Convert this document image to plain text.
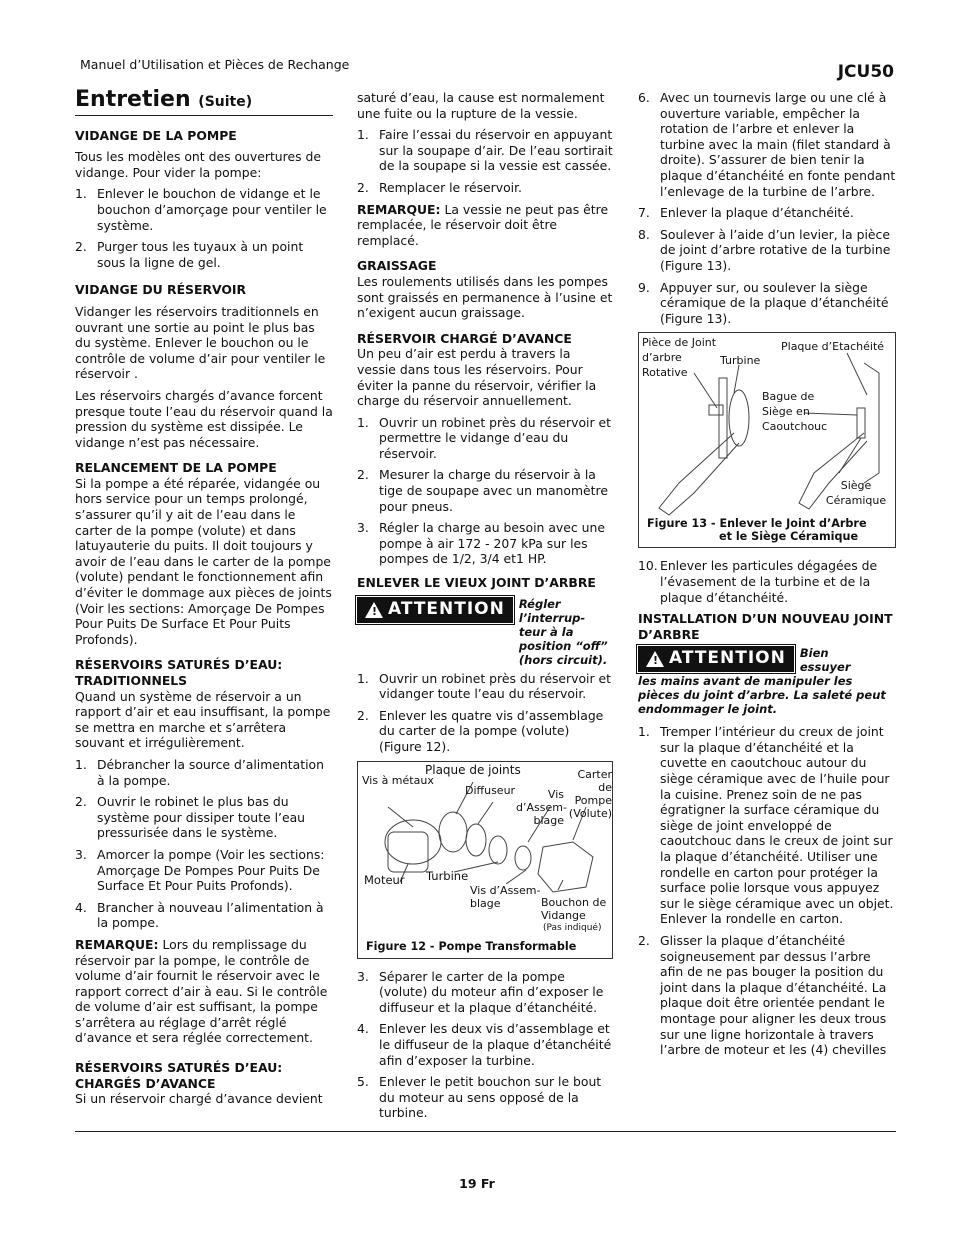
Manuel d’Utilisation et Pièces de Rechange	JCU50
Entretien (Suite)
VIDANGE DE LA POMPE

Tous les modèles ont des ouvertures de vidange. Pour vider la pompe:

1. Enlever le bouchon de vidange et le bouchon d’amorçage pour ventiler le système.
2. Purger tous les tuyaux à un point sous la ligne de gel.
VIDANGE DU RÉSERVOIR

Vidanger les réservoirs traditionnels en ouvrant une sortie au point le plus bas du système. Enlever le bouchon ou le contrôle de volume d’air pour ventiler le réservoir .

Les réservoirs chargés d’avance forcent presque toute l’eau du réservoir quand la pression du système est dissipée. Le vidange n’est pas nécessaire.

RELANCEMENT DE LA POMPE

Si la pompe a été réparée, vidangée ou hors service pour un temps prolongé, s’assurer qu’il y ait de l’eau dans le carter de la pompe (volute) et dans latuyauterie du puits. Il doit toujours y avoir de l’eau dans le carter de la pompe (volute) pendant le fonctionnement afin d’éviter le dommage aux pièces de joints (Voir les sections: Amorçage De Pompes Pour Puits De Surface Et Pour Puits Profonds).

RÉSERVOIRS SATURÉS D’EAU: TRADITIONNELS

Quand un système de réservoir a un rapport d’air et eau insuffisant, la pompe se mettra en marche et s’arrêtera souvant et irrégulièrement.

1. Débrancher la source d’alimentation à la pompe.
2. Ouvrir le robinet le plus bas du système pour dissiper toute l’eau pressurisée dans le système.
3. Amorcer la pompe (Voir les sections: Amorçage De Pompes Pour Puits De Surface Et Pour Puits Profonds).
4. Brancher à nouveau l’alimentation à la pompe.

REMARQUE: Lors du remplissage du réservoir par la pompe, le contrôle de volume d’air fournit le réservoir avec le rapport correct d’air à eau. Si le contrôle de volume d’air est suffisant, la pompe s’arrêtera au réglage d’arrêt réglé d’avance et sera réglée correctement.

RÉSERVOIRS SATURÉS D’EAU: CHARGÉS D’AVANCE

Si un réservoir chargé d’avance devient

saturé d’eau, la cause est normalement une fuite ou la rupture de la vessie.

1. Faire l’essai du réservoir en appuyant sur la soupape d’air. De l’eau sortirait de la soupape si la vessie est cassée.
2. Remplacer le réservoir.

REMARQUE: La vessie ne peut pas être remplacée, le réservoir doit être remplacé.

GRAISSAGE

Les roulements utilisés dans les pompes sont graissés en permanence à l’usine et n’exigent aucun graissage.

RÉSERVOIR CHARGÉ D’AVANCE

Un peu d’air est perdu à travers la vessie dans tous les réservoirs. Pour éviter la panne du réservoir, vérifier la charge du réservoir annuellement.

1. Ouvrir un robinet près du réservoir et permettre le vidange d’eau du réservoir.
2. Mesurer la charge du réservoir à la tige de soupape avec un manomètre pour pneus.
3. Régler la charge au besoin avec une pompe à air 172 - 207 kPa sur les pompes de 1/2, 3/4 et1 HP.
ENLEVER LE VIEUX JOINT D’ARBRE
!
ATTENTION Régler l’interrup- teur à la position “off” (hors circuit).
1. Ouvrir un robinet près du réservoir et vidanger toute l’eau du réservoir.
2. Enlever les quatre vis d’assemblage du carter de la pompe (volute) (Figure 12).
Vis à métaux
Plaque de joints
Diffuseur	Vis d’Assem- blage
Carter de Pompe (Volute)
Moteur Turbine
Vis d’Assem- blage	Bouchon de Vidange
(Pas indiqué)
Figure 12 - Pompe Transformable
3. Séparer le carter de la pompe (volute) du moteur afin d’exposer le diffuseur et la plaque d’étanchéité.
4. Enlever les deux vis d’assemblage et le diffuseur de la plaque d’étanchéité afin d’exposer la turbine.
5. Enlever le petit bouchon sur le bout du moteur au sens opposé de la turbine.
6. Avec un tournevis large ou une clé à ouverture variable, empêcher la rotation de l’arbre et enlever la turbine avec la main (filet standard à droite). S’assurer de bien tenir la plaque d’étanchéité en fonte pendant l’enlevage de la turbine de l’arbre.
7. Enlever la plaque d’étanchéité.
8. Soulever à l’aide d’un levier, la pièce de joint d’arbre rotative de la turbine (Figure 13).
9. Appuyer sur, ou soulever la siège céramique de la plaque d’étanchéité (Figure 13).
Pièce de Joint d’arbre Rotative
Turbine
Plaque d’Etachéité
Bague de Siège en Caoutchouc
Siège Céramique
Figure 13 - Enlever le Joint d’Arbre
et le Siège Céramique
10. Enlever les particules dégagées de l’évasement de la turbine et de la plaque d’étanchéité.
INSTALLATION D’UN NOUVEAU JOINT D’ARBRE
!
ATTENTION Bien essuyer
les mains avant de manipuler les pièces du joint d’arbre. La saleté peut endommager le joint.
1. Tremper l’intérieur du creux de joint sur la plaque d’étanchéité et la cuvette en caoutchouc autour du siège céramique avec de l’huile pour la cuisine. Prenez soin de ne pas égratigner la surface céramique du siège de joint enveloppé de caoutchouc dans le creux de joint sur la plaque d’étanchéité. Utiliser une rondelle en carton pour protéger la surface polie lorsque vous appuyez sur le siège céramique avec un objet. Enlever la rondelle en carton.
2. Glisser la plaque d’étanchéité soigneusement par dessus l’arbre afin de ne pas bouger la position du joint dans la plaque d’étanchéité. La plaque doit être orientée pendant le montage pour aligner les deux trous sur une ligne horizontale à travers l’arbre de moteur et les (4) chevilles
19 Fr
